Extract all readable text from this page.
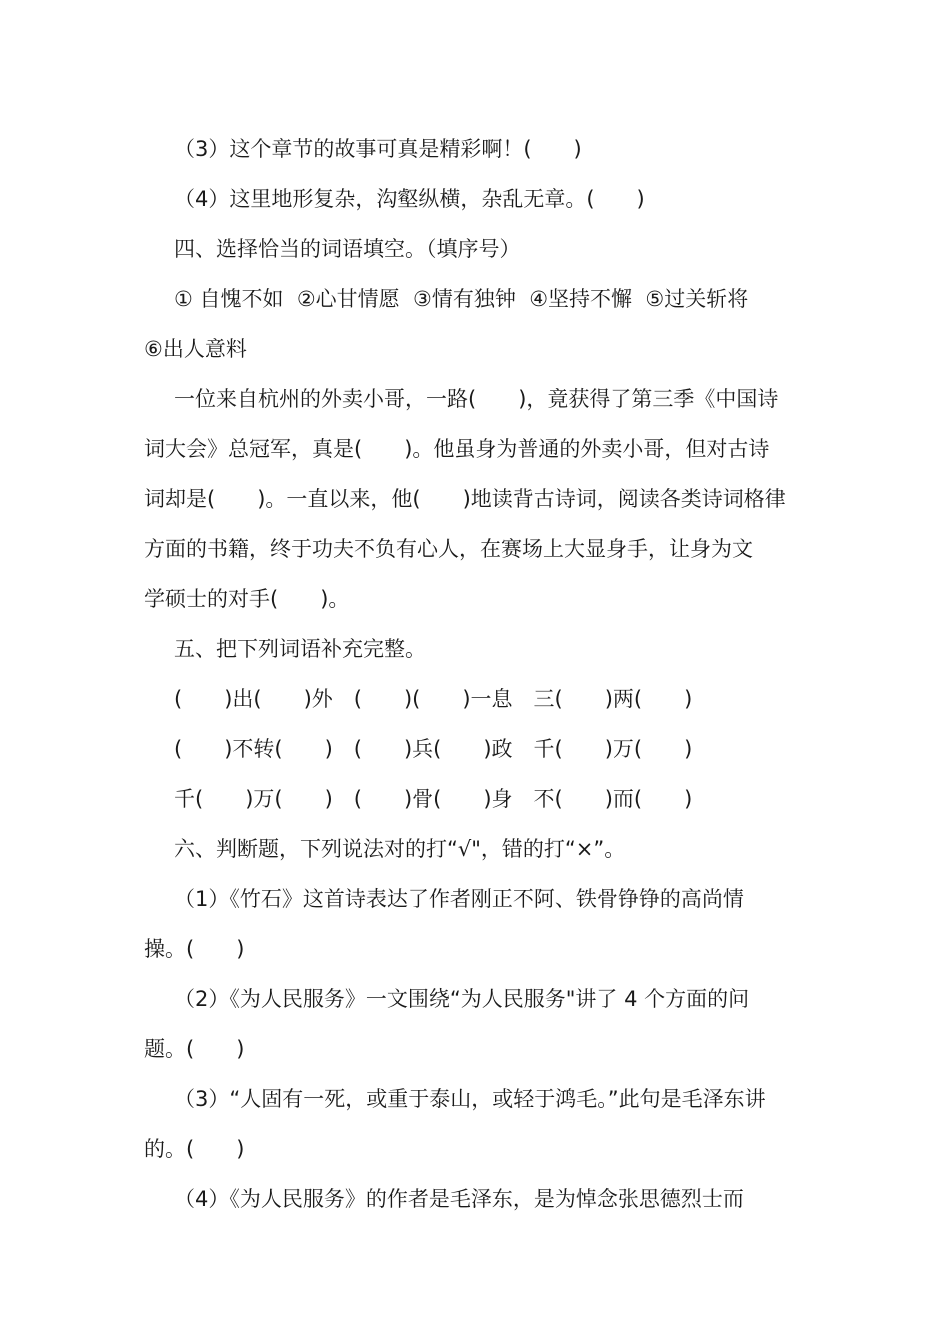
（3）这个章节的故事可真是精彩啊！(　　)
（4）这里地形复杂，沟壑纵横，杂乱无章。(　　)
四、选择恰当的词语填空。（填序号）
① 自愧不如  ②心甘情愿  ③情有独钟  ④坚持不懈  ⑤过关斩将
⑥出人意料
一位来自杭州的外卖小哥，一路(　　)，竟获得了第三季《中国诗
词大会》总冠军，真是(　　)。他虽身为普通的外卖小哥，但对古诗
词却是(　　)。一直以来，他(　　)地读背古诗词，阅读各类诗词格律
方面的书籍，终于功夫不负有心人，在赛场上大显身手，让身为文
学硕士的对手(　　)。
五、把下列词语补充完整。
(　　)出(　　)外　(　　)(　　)一息　三(　　)两(　　)
(　　)不转(　　)　(　　)兵(　　)政　千(　　)万(　　)
千(　　)万(　　)　(　　)骨(　　)身　不(　　)而(　　)
六、判断题，下列说法对的打“√"，错的打“×”。
（1）《竹石》这首诗表达了作者刚正不阿、铁骨铮铮的高尚情
操。(　　)
（2）《为人民服务》一文围绕“为人民服务"讲了 4 个方面的问
题。(　　)
（3）“人固有一死，或重于泰山，或轻于鸿毛。”此句是毛泽东讲
的。(　　)
（4）《为人民服务》的作者是毛泽东，是为悼念张思德烈士而
